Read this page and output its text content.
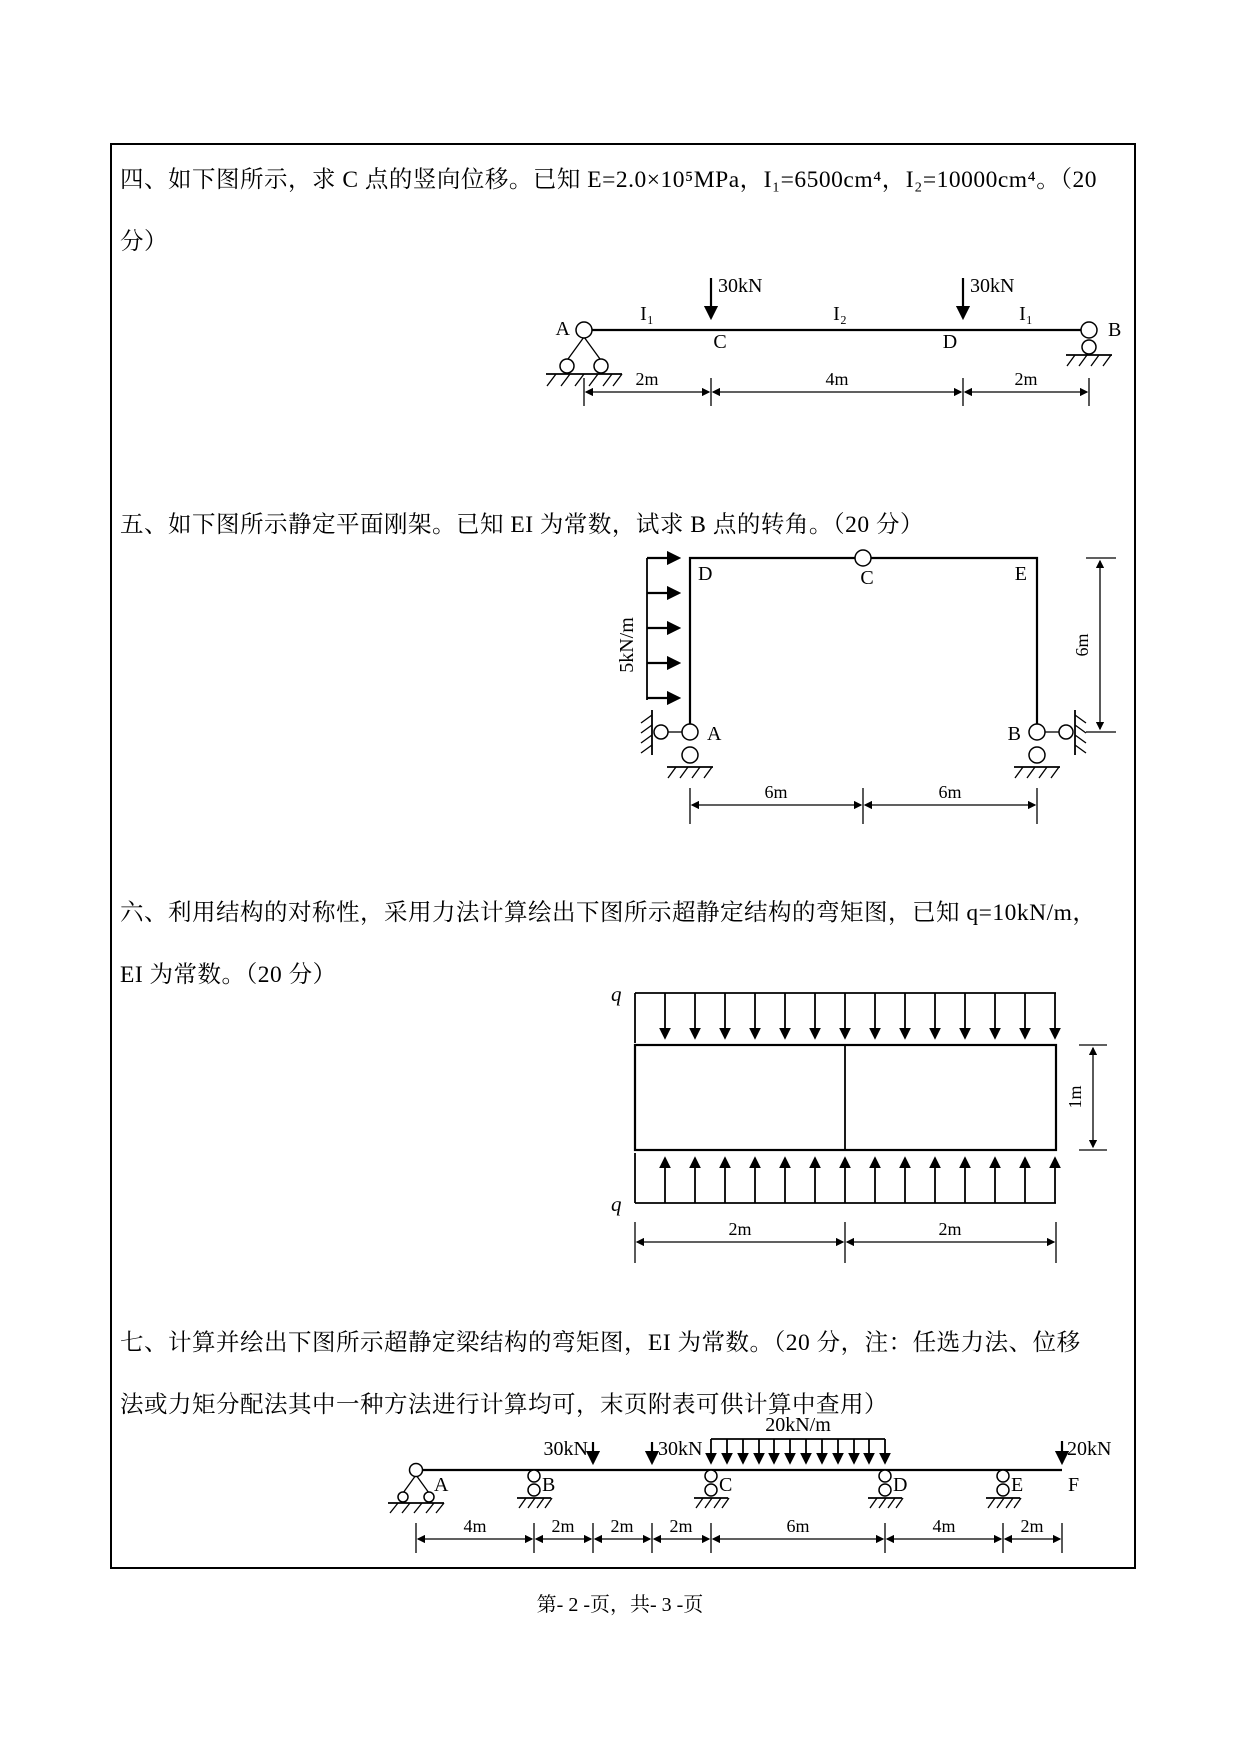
四、如下图所示，求 C 点的竖向位移。已知 E=2.0×10⁵MPa，I₁=6500cm⁴，I₂=10000cm⁴。（20
分）
A	B
I₁	I₂	I₁
30kN	30kN
C	D
2m	4m	2m
五、如下图所示静定平面刚架。已知 EI 为常数，试求 B 点的转角。（20 分）
5kN/m
D	C	E
A	B
6m
6m	6m
六、利用结构的对称性，采用力法计算绘出下图所示超静定结构的弯矩图，已知 q=10kN/m，
EI 为常数。（20 分）
q
q
2m	2m
1m
七、计算并绘出下图所示超静定梁结构的弯矩图，EI 为常数。（20 分，注：任选力法、位移
法或力矩分配法其中一种方法进行计算均可，末页附表可供计算中查用）
A	B	C	D	E F
30kN	30kN
20kN/m
20kN
4m	2m 2m 2m	6m	4m	2m
第- 2 -页，共- 3 -页
